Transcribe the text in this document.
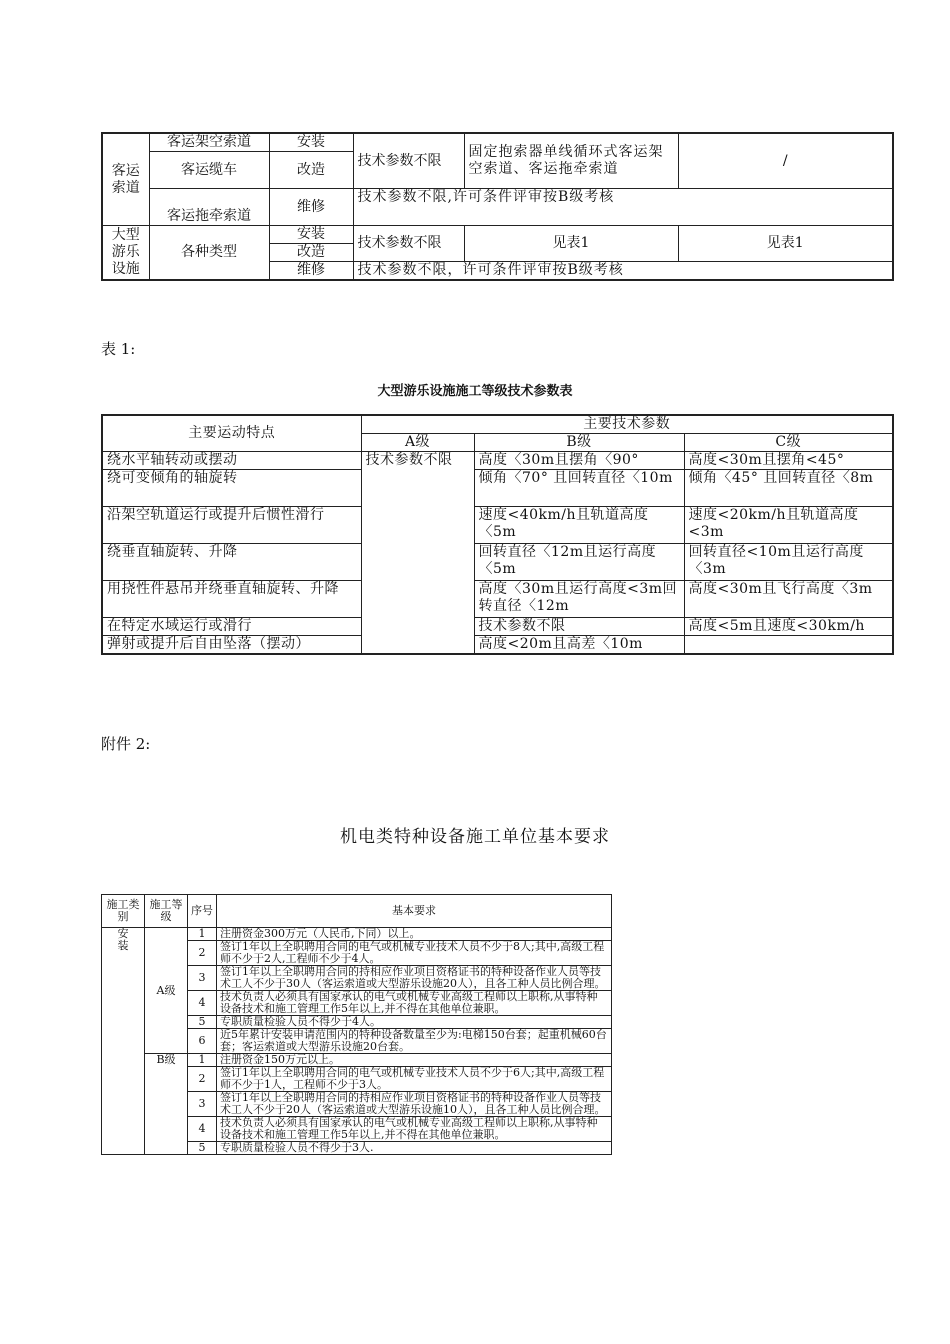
客运索道	客运架空索道	安装	技术参数不限	固定抱索器单线循环式客运架空索道、客运拖牵索道	/
	客运缆车	改造			
	客运拖牵索道	维修	技术参数不限,许可条件评审按B级考核		
大型游乐设施	各种类型	安装	技术参数不限	见表1	见表1
		改造			
		维修	技术参数不限，许可条件评审按B级考核		
表 1:
大型游乐设施施工等级技术参数表
主要运动特点	主要技术参数		
	A级	B级	C级
绕水平轴转动或摆动	技术参数不限	高度〈30m且摆角〈90°	高度<30m且摆角<45°
绕可变倾角的轴旋转		倾角〈70° 且回转直径〈10m	倾角〈45° 且回转直径〈8m
沿架空轨道运行或提升后惯性滑行		速度<40km/h且轨道高度〈5m	速度<20km/h且轨道高度<3m
绕垂直轴旋转、升降		回转直径〈12m且运行高度〈5m	回转直径<10m且运行高度〈3m
用挠性件悬吊并绕垂直轴旋转、升降		高度〈30m且运行高度<3m回转直径〈12m	高度<30m且飞行高度〈3m
在特定水域运行或滑行		技术参数不限	高度<5m且速度<30km/h
弹射或提升后自由坠落（摆动）		高度<20m且高差〈10m	
附件 2:
机电类特种设备施工单位基本要求
施工类别	施工等级	序号	基本要求
安装	A级	1	注册资金300万元（人民币,下同）以上。
		2	签订1年以上全职聘用合同的电气或机械专业技术人员不少于8人;其中,高级工程师不少于2人,工程师不少于4人。
		3	签订1年以上全职聘用合同的持相应作业项目资格证书的特种设备作业人员等技术工人不少于30人（客运索道或大型游乐设施20人），且各工种人员比例合理。
		4	技术负责人必须具有国家承认的电气或机械专业高级工程师以上职称,从事特种设备技术和施工管理工作5年以上,并不得在其他单位兼职。
		5	专职质量检验人员不得少于4人。
		6	近5年累计安装申请范围内的特种设备数量至少为:电梯150台套；起重机械60台套；客运索道或大型游乐设施20台套。
	B级	1	注册资金150万元以上。
		2	签订1年以上全职聘用合同的电气或机械专业技术人员不少于6人;其中,高级工程师不少于1人，工程师不少于3人。
		3	签订1年以上全职聘用合同的持相应作业项目资格证书的特种设备作业人员等技术工人不少于20人（客运索道或大型游乐设施10人），且各工种人员比例合理。
		4	技术负责人必须具有国家承认的电气或机械专业高级工程师以上职称,从事特种设备技术和施工管理工作5年以上,并不得在其他单位兼职。
		5	专职质量检验人员不得少于3人.
